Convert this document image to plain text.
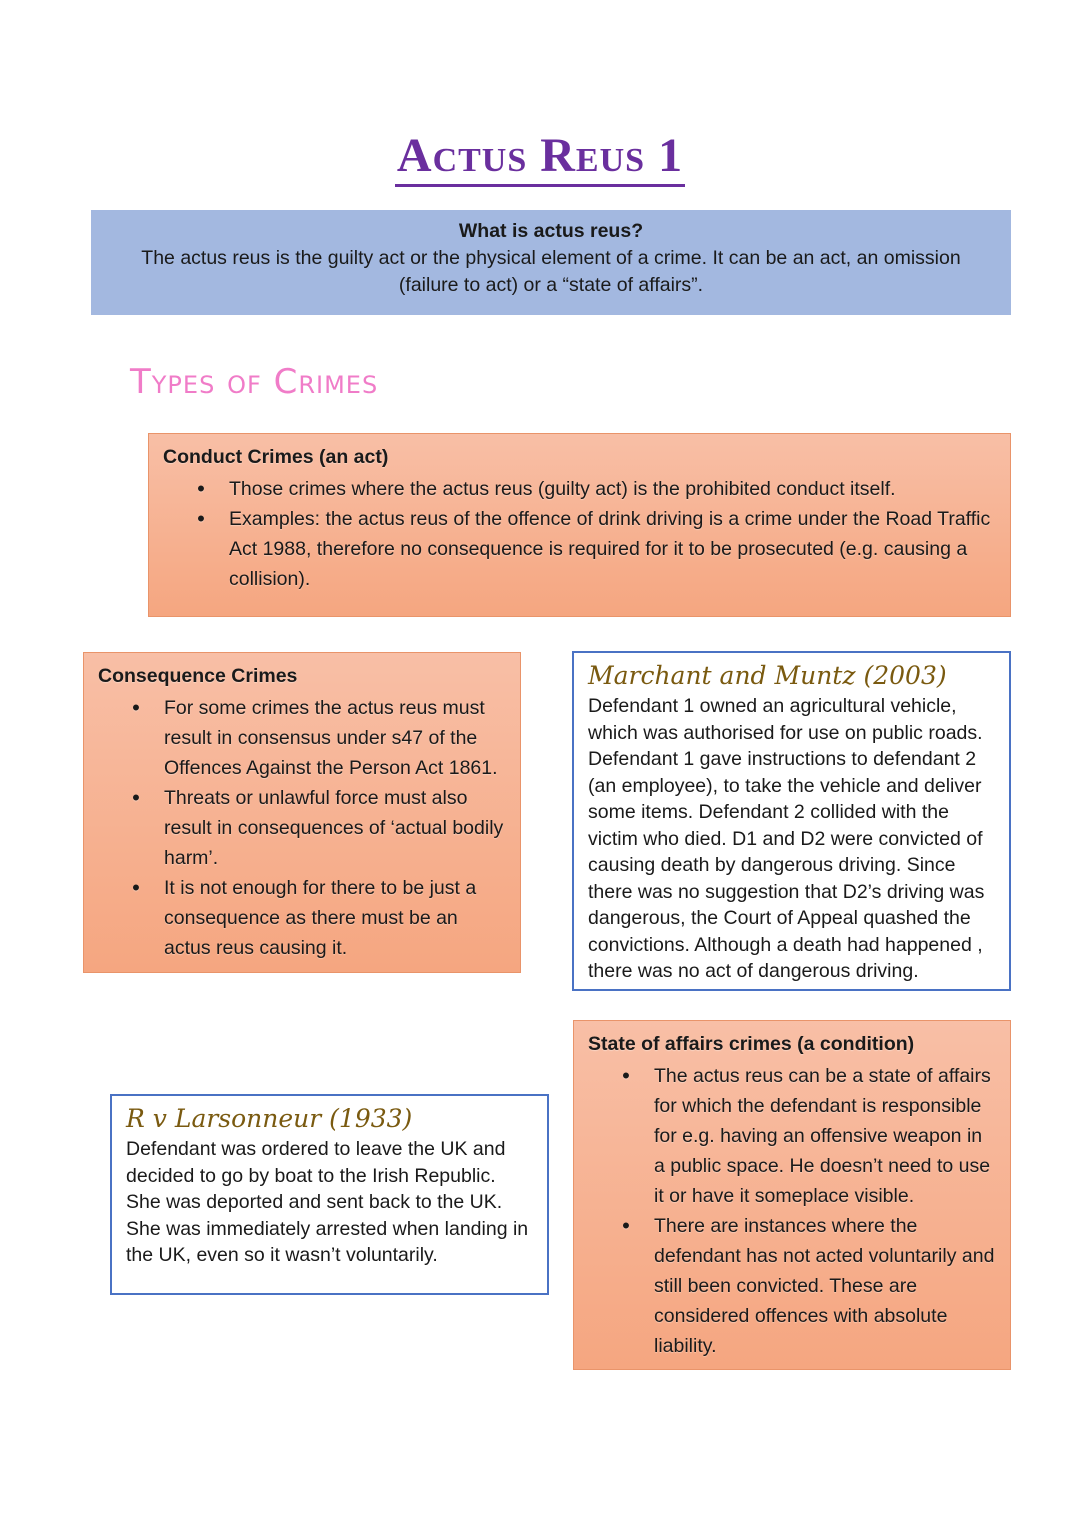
Actus Reus 1
What is actus reus?
The actus reus is the guilty act or the physical element of a crime. It can be an act, an omission (failure to act) or a “state of affairs”.
Types of Crimes
Conduct Crimes (an act)
• Those crimes where the actus reus (guilty act) is the prohibited conduct itself.
• Examples: the actus reus of the offence of drink driving is a crime under the Road Traffic Act 1988, therefore no consequence is required for it to be prosecuted (e.g. causing a collision).
Consequence Crimes
• For some crimes the actus reus must result in consensus under s47 of the Offences Against the Person Act 1861.
• Threats or unlawful force must also result in consequences of ‘actual bodily harm’.
• It is not enough for there to be just a consequence as there must be an actus reus causing it.
Marchant and Muntz (2003)
Defendant 1 owned an agricultural vehicle, which was authorised for use on public roads. Defendant 1 gave instructions to defendant 2 (an employee), to take the vehicle and deliver some items. Defendant 2 collided with the victim who died. D1 and D2 were convicted of causing death by dangerous driving. Since there was no suggestion that D2’s driving was dangerous, the Court of Appeal quashed the convictions. Although a death had happened , there was no act of dangerous driving.
State of affairs crimes (a condition)
• The actus reus can be a state of affairs for which the defendant is responsible for e.g. having an offensive weapon in a public space. He doesn’t need to use it or have it someplace visible.
• There are instances where the defendant has not acted voluntarily and still been convicted. These are considered offences with absolute liability.
R v Larsonneur (1933)
Defendant was ordered to leave the UK and decided to go by boat to the Irish Republic. She was deported and sent back to the UK. She was immediately arrested when landing in the UK, even so it wasn’t voluntarily.
